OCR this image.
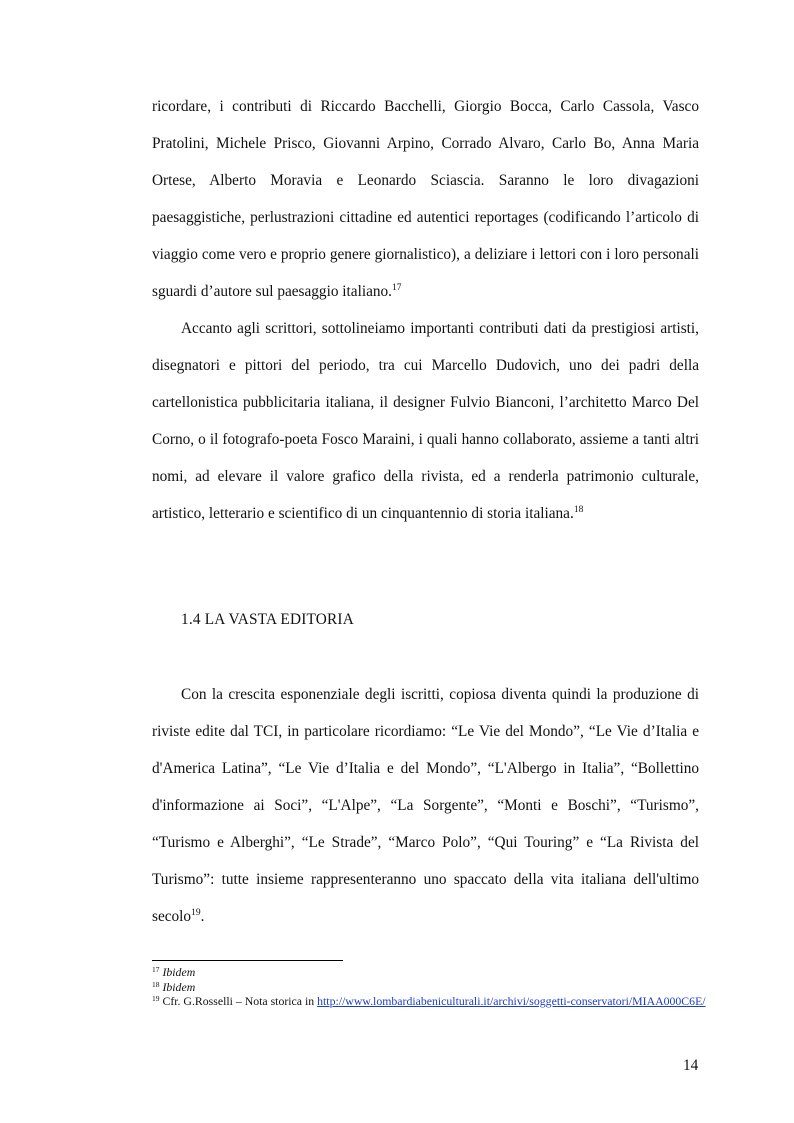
ricordare, i contributi di Riccardo Bacchelli, Giorgio Bocca, Carlo Cassola, Vasco Pratolini, Michele Prisco, Giovanni Arpino, Corrado Alvaro, Carlo Bo, Anna Maria Ortese, Alberto Moravia e Leonardo Sciascia. Saranno le loro divagazioni paesaggistiche, perlustrazioni cittadine ed autentici reportages (codificando l’articolo di viaggio come vero e proprio genere giornalistico), a deliziare i lettori con i loro personali sguardi d’autore sul paesaggio italiano.$^{17}$

Accanto agli scrittori, sottolineiamo importanti contributi dati da prestigiosi artisti, disegnatori e pittori del periodo, tra cui Marcello Dudovich, uno dei padri della cartellonistica pubblicitaria italiana, il designer Fulvio Bianconi, l’architetto Marco Del Corno, o il fotografo-poeta Fosco Maraini, i quali hanno collaborato, assieme a tanti altri nomi, ad elevare il valore grafico della rivista, ed a renderla patrimonio culturale, artistico, letterario e scientifico di un cinquantennio di storia italiana.$^{18}$

1.4 LA VASTA EDITORIA

Con la crescita esponenziale degli iscritti, copiosa diventa quindi la produzione di riviste edite dal TCI, in particolare ricordiamo: “Le Vie del Mondo”, “Le Vie d’Italia e d'America Latina”, “Le Vie d’Italia e del Mondo”, “L'Albergo in Italia”, “Bollettino d'informazione ai Soci”, “L'Alpe”, “La Sorgente”, “Monti e Boschi”, “Turismo”, “Turismo e Alberghi”, “Le Strade”, “Marco Polo”, “Qui Touring” e “La Rivista del Turismo”: tutte insieme rappresenteranno uno spaccato della vita italiana dell'ultimo secolo$^{19}$.

$^{17}$ Ibidem

$^{18}$ Ibidem

$^{19}$ Cfr. G.Rosselli – Nota storica in http://www.lombardiabeniculturali.it/archivi/soggetti-conservatori/MIAA000C6E/

14
